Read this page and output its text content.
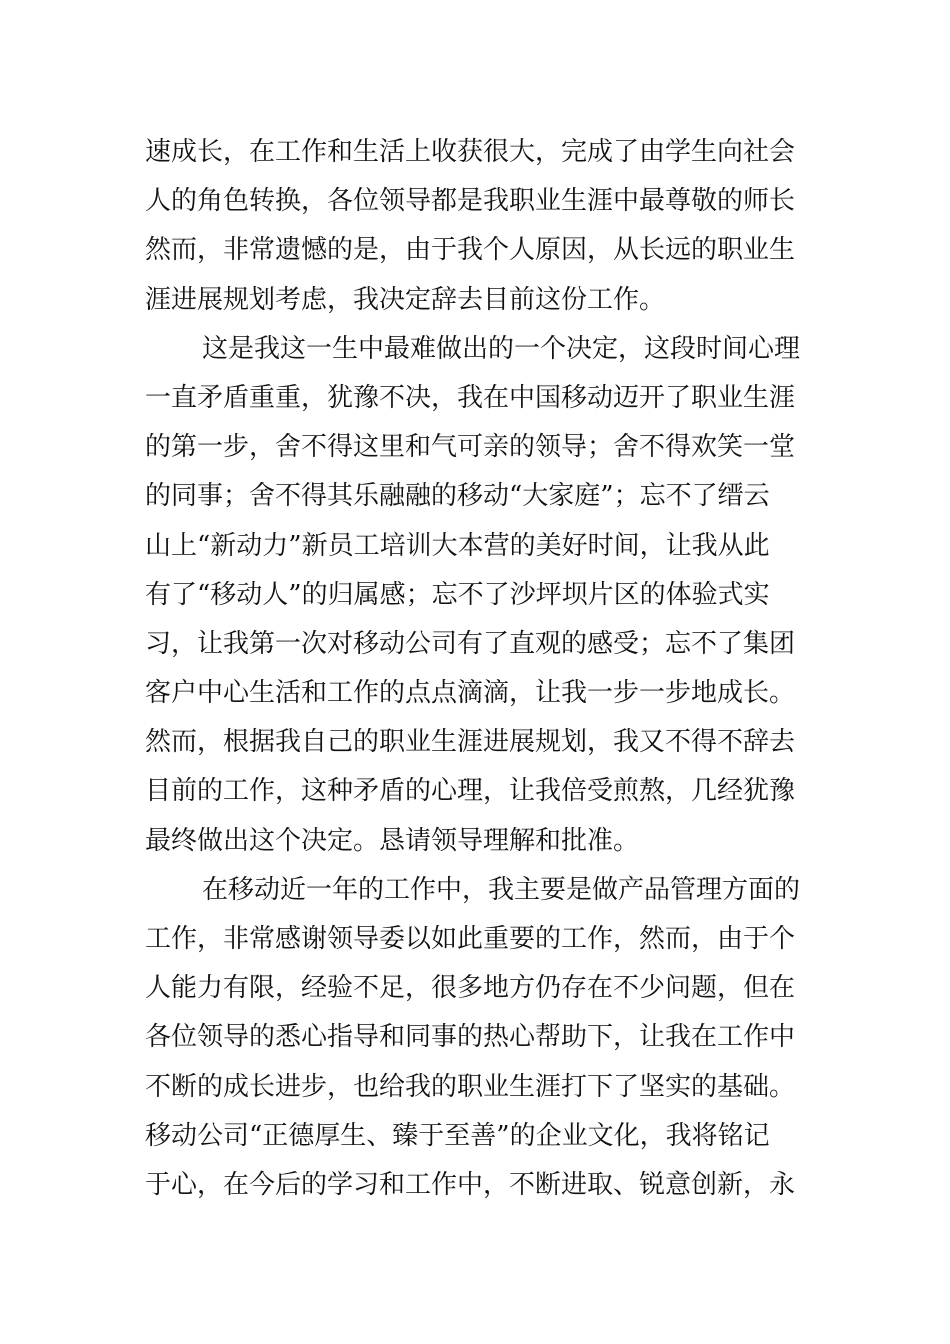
速成长，在工作和生活上收获很大，完成了由学生向社会
人的角色转换，各位领导都是我职业生涯中最尊敬的师长
然而，非常遗憾的是，由于我个人原因，从长远的职业生
涯进展规划考虑，我决定辞去目前这份工作。
这是我这一生中最难做出的一个决定，这段时间心理
一直矛盾重重，犹豫不决，我在中国移动迈开了职业生涯
的第一步，舍不得这里和气可亲的领导；舍不得欢笑一堂
的同事；舍不得其乐融融的移动“大家庭”；忘不了缙云
山上“新动力”新员工培训大本营的美好时间，让我从此
有了“移动人”的归属感；忘不了沙坪坝片区的体验式实
习，让我第一次对移动公司有了直观的感受；忘不了集团
客户中心生活和工作的点点滴滴，让我一步一步地成长。
然而，根据我自己的职业生涯进展规划，我又不得不辞去
目前的工作，这种矛盾的心理，让我倍受煎熬，几经犹豫
最终做出这个决定。恳请领导理解和批准。
在移动近一年的工作中，我主要是做产品管理方面的
工作，非常感谢领导委以如此重要的工作，然而，由于个
人能力有限，经验不足，很多地方仍存在不少问题，但在
各位领导的悉心指导和同事的热心帮助下，让我在工作中
不断的成长进步，也给我的职业生涯打下了坚实的基础。
移动公司“正德厚生、臻于至善”的企业文化，我将铭记
于心，在今后的学习和工作中，不断进取、锐意创新，永
